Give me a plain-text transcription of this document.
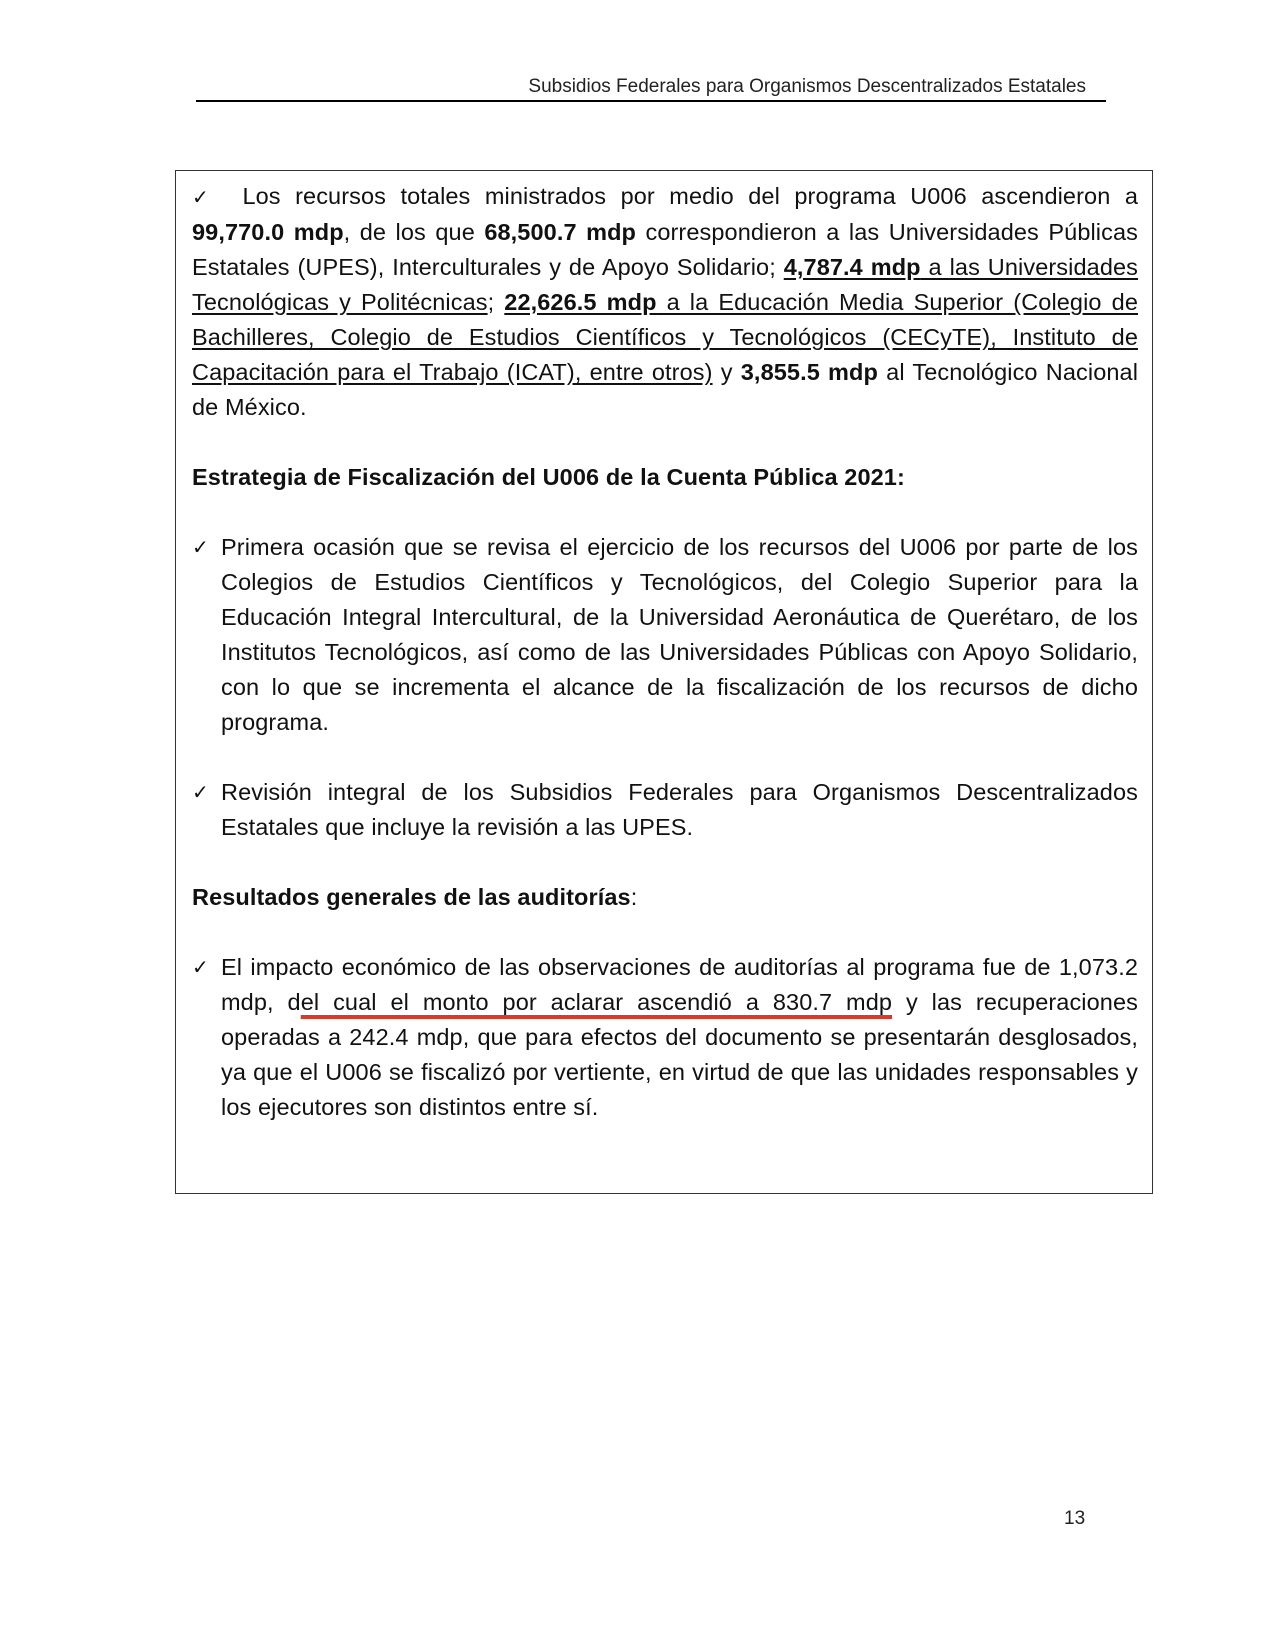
Subsidios Federales para Organismos Descentralizados Estatales

✓ Los recursos totales ministrados por medio del programa U006 ascendieron a 99,770.0 mdp, de los que 68,500.7 mdp correspondieron a las Universidades Públicas Estatales (UPES), Interculturales y de Apoyo Solidario; 4,787.4 mdp a las Universidades Tecnológicas y Politécnicas; 22,626.5 mdp a la Educación Media Superior (Colegio de Bachilleres, Colegio de Estudios Científicos y Tecnológicos (CECyTE), Instituto de Capacitación para el Trabajo (ICAT), entre otros) y 3,855.5 mdp al Tecnológico Nacional de México.

Estrategia de Fiscalización del U006 de la Cuenta Pública 2021:

✓ Primera ocasión que se revisa el ejercicio de los recursos del U006 por parte de los Colegios de Estudios Científicos y Tecnológicos, del Colegio Superior para la Educación Integral Intercultural, de la Universidad Aeronáutica de Querétaro, de los Institutos Tecnológicos, así como de las Universidades Públicas con Apoyo Solidario, con lo que se incrementa el alcance de la fiscalización de los recursos de dicho programa.

✓ Revisión integral de los Subsidios Federales para Organismos Descentralizados Estatales que incluye la revisión a las UPES.

Resultados generales de las auditorías:

✓ El impacto económico de las observaciones de auditorías al programa fue de 1,073.2 mdp, del cual el monto por aclarar ascendió a 830.7 mdp y las recuperaciones operadas a 242.4 mdp, que para efectos del documento se presentarán desglosados, ya que el U006 se fiscalizó por vertiente, en virtud de que las unidades responsables y los ejecutores son distintos entre sí.

13
